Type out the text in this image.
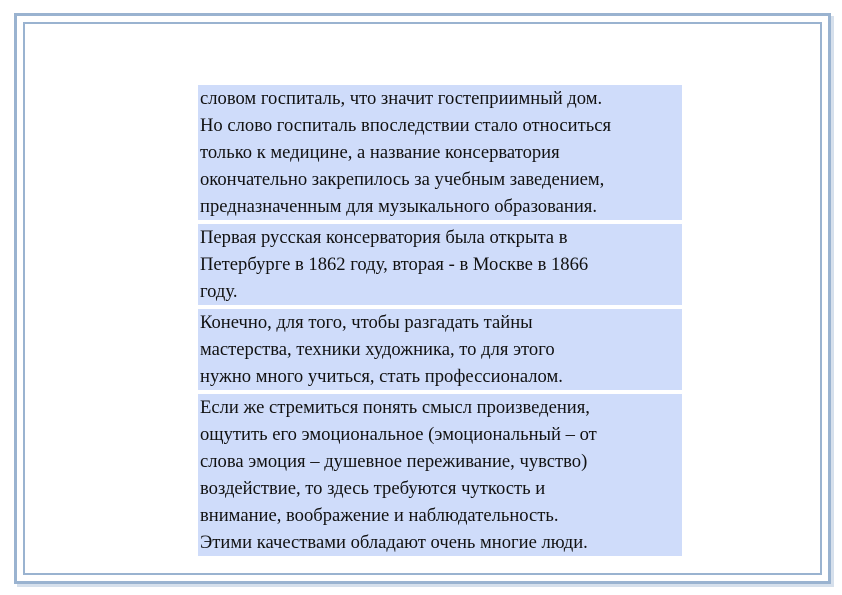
словом госпиталь, что значит гостеприимный дом.
Но слово госпиталь впоследствии стало относиться
только к медицине, а название консерватория
окончательно закрепилось за учебным заведением,
предназначенным для музыкального образования.

Первая русская консерватория была открыта в
Петербурге в 1862 году, вторая - в Москве в 1866
году.

Конечно, для того, чтобы разгадать тайны
мастерства, техники художника, то для этого
нужно много учиться, стать профессионалом.

Если же стремиться понять смысл произведения,
ощутить его эмоциональное (эмоциональный – от
слова эмоция – душевное переживание, чувство)
воздействие, то здесь требуются чуткость и
внимание, воображение и наблюдательность.
Этими качествами обладают очень многие люди.
